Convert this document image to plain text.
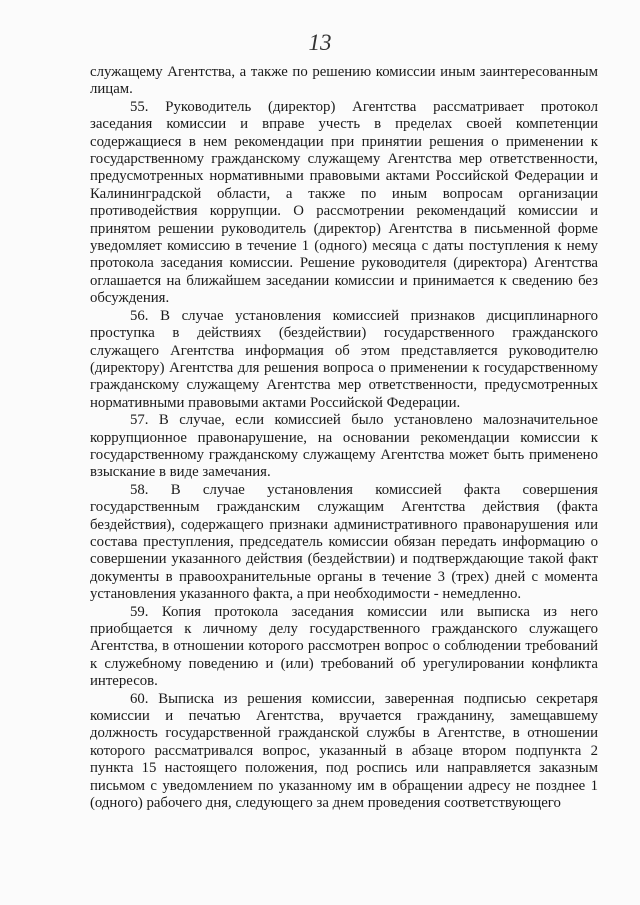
13

служащему Агентства, а также по решению комиссии иным заинтересованным лицам.

55. Руководитель (директор) Агентства рассматривает протокол заседания комиссии и вправе учесть в пределах своей компетенции содержащиеся в нем рекомендации при принятии решения о применении к государственному гражданскому служащему Агентства мер ответственности, предусмотренных нормативными правовыми актами Российской Федерации и Калининградской области, а также по иным вопросам организации противодействия коррупции. О рассмотрении рекомендаций комиссии и принятом решении руководитель (директор) Агентства в письменной форме уведомляет комиссию в течение 1 (одного) месяца с даты поступления к нему протокола заседания комиссии. Решение руководителя (директора) Агентства оглашается на ближайшем заседании комиссии и принимается к сведению без обсуждения.

56. В случае установления комиссией признаков дисциплинарного проступка в действиях (бездействии) государственного гражданского служащего Агентства информация об этом представляется руководителю (директору) Агентства для решения вопроса о применении к государственному гражданскому служащему Агентства мер ответственности, предусмотренных нормативными правовыми актами Российской Федерации.

57. В случае, если комиссией было установлено малозначительное коррупционное правонарушение, на основании рекомендации комиссии к государственному гражданскому служащему Агентства может быть применено взыскание в виде замечания.

58. В случае установления комиссией факта совершения государственным гражданским служащим Агентства действия (факта бездействия), содержащего признаки административного правонарушения или состава преступления, председатель комиссии обязан передать информацию о совершении указанного действия (бездействии) и подтверждающие такой факт документы в правоохранительные органы в течение 3 (трех) дней с момента установления указанного факта, а при необходимости - немедленно.

59. Копия протокола заседания комиссии или выписка из него приобщается к личному делу государственного гражданского служащего Агентства, в отношении которого рассмотрен вопрос о соблюдении требований к служебному поведению и (или) требований об урегулировании конфликта интересов.

60. Выписка из решения комиссии, заверенная подписью секретаря комиссии и печатью Агентства, вручается гражданину, замещавшему должность государственной гражданской службы в Агентстве, в отношении которого рассматривался вопрос, указанный в абзаце втором подпункта 2 пункта 15 настоящего положения, под роспись или направляется заказным письмом с уведомлением по указанному им в обращении адресу не позднее 1 (одного) рабочего дня, следующего за днем проведения соответствующего
